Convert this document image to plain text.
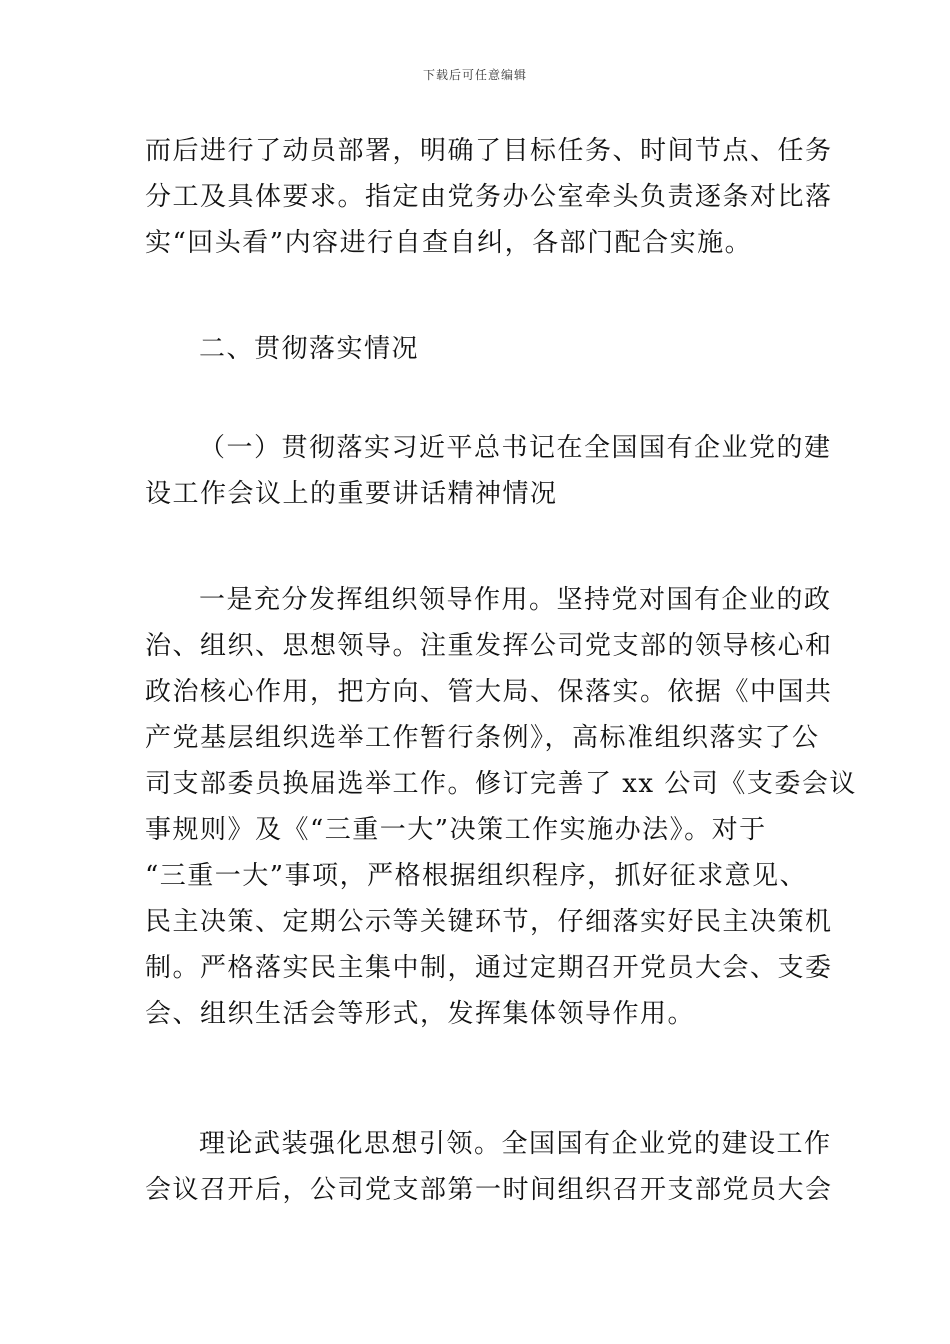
下载后可任意编辑
而后进行了动员部署，明确了目标任务、时间节点、任务
分工及具体要求。指定由党务办公室牵头负责逐条对比落
实“回头看”内容进行自查自纠，各部门配合实施。
二、贯彻落实情况
（一）贯彻落实习近平总书记在全国国有企业党的建
设工作会议上的重要讲话精神情况
一是充分发挥组织领导作用。坚持党对国有企业的政
治、组织、思想领导。注重发挥公司党支部的领导核心和
政治核心作用，把方向、管大局、保落实。依据《中国共
产党基层组织选举工作暂行条例》，高标准组织落实了公
司支部委员换届选举工作。修订完善了 xx 公司《支委会议
事规则》及《“三重一大”决策工作实施办法》。对于
“三重一大”事项，严格根据组织程序，抓好征求意见、
民主决策、定期公示等关键环节，仔细落实好民主决策机
制。严格落实民主集中制，通过定期召开党员大会、支委
会、组织生活会等形式，发挥集体领导作用。
理论武装强化思想引领。全国国有企业党的建设工作
会议召开后，公司党支部第一时间组织召开支部党员大会
